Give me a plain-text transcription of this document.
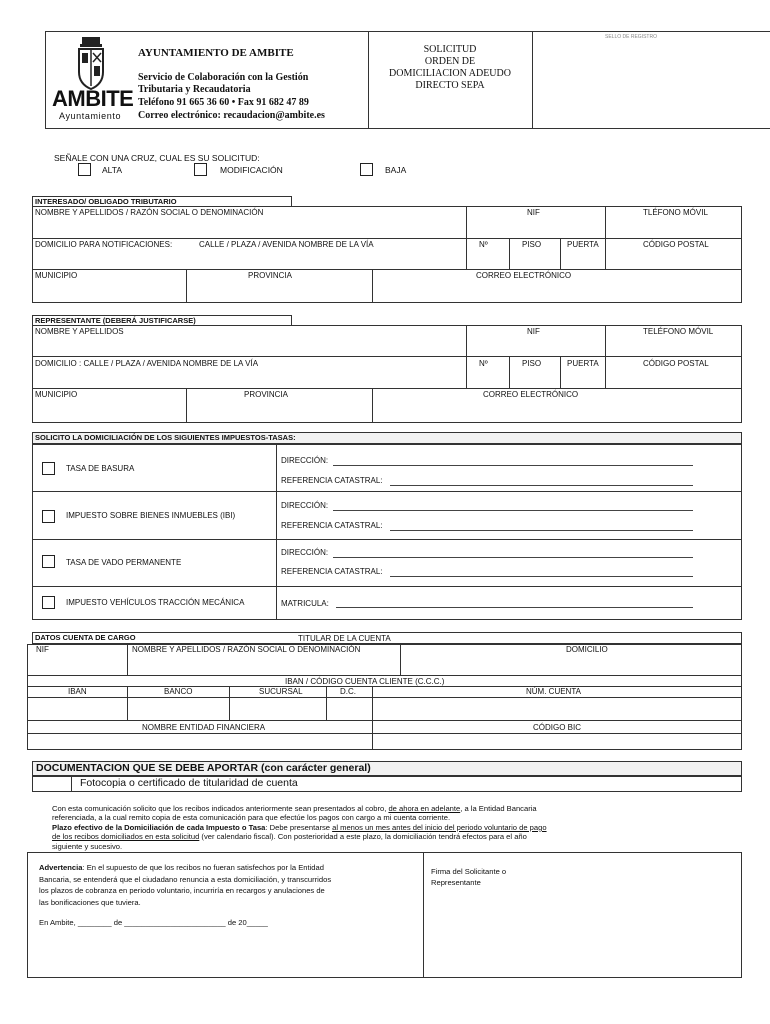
AMBITE
Ayuntamiento
AYUNTAMIENTO DE AMBITE
Servicio de Colaboración con la Gestión
Tributaria y Recaudatoria
Teléfono 91 665 36 60 • Fax 91 682 47 89
Correo electrónico: recaudacion@ambite.es
SOLICITUD
ORDEN DE
DOMICILIACION ADEUDO
DIRECTO SEPA
SELLO DE REGISTRO
SEÑALE CON UNA CRUZ, CUAL ES SU SOLICITUD:
ALTA	MODIFICACIÓN	BAJA
INTERESADO/ OBLIGADO TRIBUTARIO
NOMBRE Y APELLIDOS / RAZÓN SOCIAL O DENOMINACIÓN	NIF	TLÉFONO MÓVIL
DOMICILIO PARA NOTIFICACIONES:	CALLE / PLAZA / AVENIDA NOMBRE DE LA VÍA	Nº	PISO	PUERTA	CÓDIGO POSTAL
MUNICIPIO	PROVINCIA	CORREO ELECTRÓNICO
REPRESENTANTE (DEBERÁ JUSTIFICARSE)
NOMBRE Y APELLIDOS	NIF	TELÉFONO MÓVIL
DOMICILIO : CALLE / PLAZA / AVENIDA NOMBRE DE LA VÍA	Nº	PISO	PUERTA	CÓDIGO POSTAL
MUNICIPIO	PROVINCIA	CORREO ELECTRÓNICO
SOLICITO LA DOMICILIACIÓN DE LOS SIGUIENTES IMPUESTOS-TASAS:
TASA DE BASURA
DIRECCIÓN:
REFERENCIA CATASTRAL:
IMPUESTO SOBRE BIENES INMUEBLES (IBI)
DIRECCIÓN:
REFERENCIA CATASTRAL:
TASA DE VADO PERMANENTE
DIRECCIÓN:
REFERENCIA CATASTRAL:
IMPUESTO VEHÍCULOS TRACCIÓN MECÁNICA	MATRICULA:
DATOS CUENTA DE CARGO	TITULAR DE LA CUENTA
NIF	NOMBRE Y APELLIDOS / RAZÓN SOCIAL O DENOMINACIÓN	DOMICILIO
IBAN / CÓDIGO CUENTA CLIENTE (C.C.C.)
IBAN	BANCO	SUCURSAL	D.C.	NÚM. CUENTA
NOMBRE ENTIDAD FINANCIERA	CÓDIGO BIC
DOCUMENTACION QUE SE DEBE APORTAR (con carácter general)
Fotocopia o certificado de titularidad de cuenta
Con esta comunicación solicito que los recibos indicados anteriormente sean presentados al cobro, de ahora en adelante, a la Entidad Bancaria
referenciada, a la cual remito copia de esta comunicación para que efectúe los pagos con cargo a mi cuenta corriente.
Plazo efectivo de la Domiciliación de cada Impuesto o Tasa: Debe presentarse al menos un mes antes del inicio del periodo voluntario de pago
de los recibos domiciliados en esta solicitud (ver calendario fiscal). Con posterioridad a este plazo, la domiciliación tendrá efectos para el año
siguiente y sucesivo.
Advertencia: En el supuesto de que los recibos no fueran satisfechos por la Entidad
Bancaria, se entenderá que el ciudadano renuncia a esta domiciliación, y transcurridos
los plazos de cobranza en periodo voluntario, incurriría en recargos y anulaciones de
las bonificaciones que tuviera.
En Ambite, ________ de ________________________ de 20_____
Firma del Solicitante o
Representante
